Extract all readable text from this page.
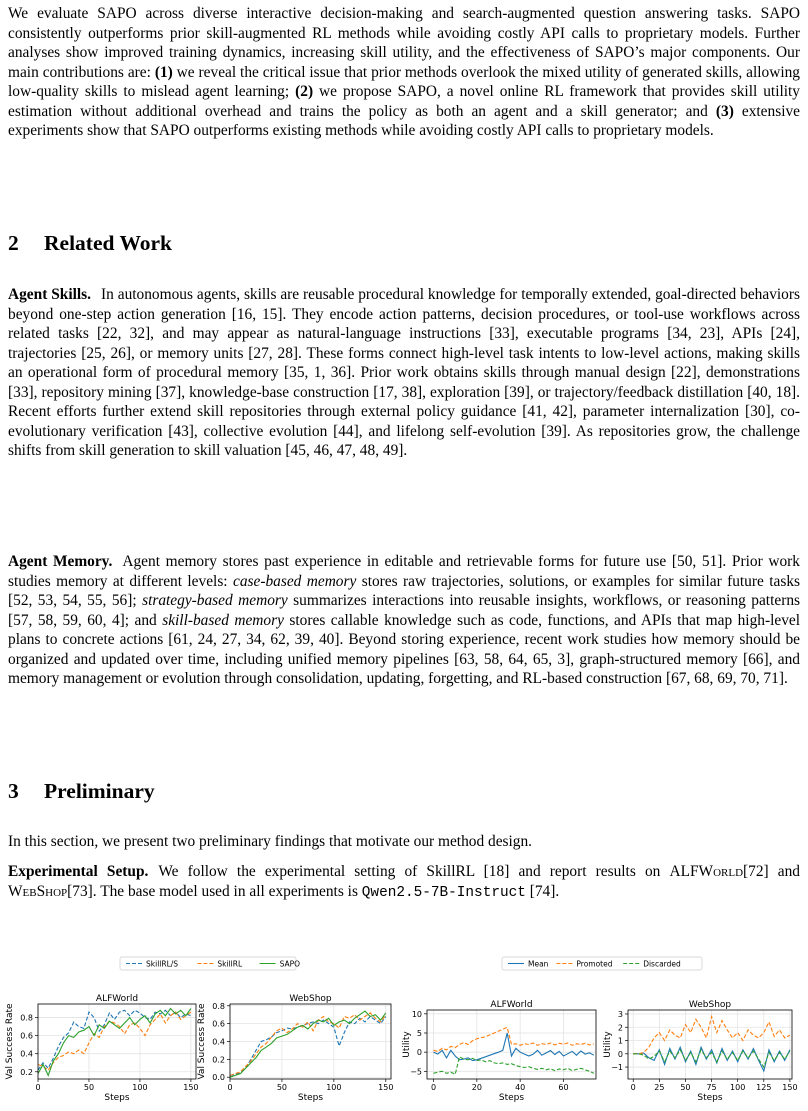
We evaluate SAPO across diverse interactive decision-making and search-augmented question answering tasks. SAPO consistently outperforms prior skill-augmented RL methods while avoiding costly API calls to proprietary models. Further analyses show improved training dynamics, increasing skill utility, and the effectiveness of SAPO’s major components. Our main contributions are: (1) we reveal the critical issue that prior methods overlook the mixed utility of generated skills, allowing low-quality skills to mislead agent learning; (2) we propose SAPO, a novel online RL framework that provides skill utility estimation without additional overhead and trains the policy as both an agent and a skill generator; and (3) extensive experiments show that SAPO outperforms existing methods while avoiding costly API calls to proprietary models.

2 Related Work

Agent Skills. In autonomous agents, skills are reusable procedural knowledge for temporally extended, goal-directed behaviors beyond one-step action generation [16, 15]. They encode action patterns, decision procedures, or tool-use workflows across related tasks [22, 32], and may appear as natural-language instructions [33], executable programs [34, 23], APIs [24], trajectories [25, 26], or memory units [27, 28]. These forms connect high-level task intents to low-level actions, making skills an operational form of procedural memory [35, 1, 36]. Prior work obtains skills through manual design [22], demonstrations [33], repository mining [37], knowledge-base construction [17, 38], exploration [39], or trajectory/feedback distillation [40, 18]. Recent efforts further extend skill repositories through external policy guidance [41, 42], parameter internalization [30], co-evolutionary verification [43], collective evolution [44], and lifelong self-evolution [39]. As repositories grow, the challenge shifts from skill generation to skill valuation [45, 46, 47, 48, 49].

Agent Memory. Agent memory stores past experience in editable and retrievable forms for future use [50, 51]. Prior work studies memory at different levels: case-based memory stores raw trajectories, solutions, or examples for similar future tasks [52, 53, 54, 55, 56]; strategy-based memory summarizes interactions into reusable insights, workflows, or reasoning patterns [57, 58, 59, 60, 4]; and skill-based memory stores callable knowledge such as code, functions, and APIs that map high-level plans to concrete actions [61, 24, 27, 34, 62, 39, 40]. Beyond storing experience, recent work studies how memory should be organized and updated over time, including unified memory pipelines [63, 58, 64, 65, 3], graph-structured memory [66], and memory management or evolution through consolidation, updating, forgetting, and RL-based construction [67, 68, 69, 70, 71].

3 Preliminary

In this section, we present two preliminary findings that motivate our method design.

Experimental Setup. We follow the experimental setting of SkillRL [18] and report results on ALFWorld[72] and WebShop[73]. The base model used in all experiments is Qwen2.5-7B-Instruct [74].

0	50	100	150
0.2
0.4
0.6
0.8
ALFWorld
Steps
Val Success Rate
0	50	100	150
0.0
0.2
0.4
0.6
0.8
WebShop
Steps
Val Success Rate
0	20	40	60
−5
0
5
10
ALFWorld
Steps
Utility
0 25 50 75 100 125 150
−1
0
1
2
3
WebShop
Steps
Utility
SkillRL/S	SkillRL	SAPO	Mean	Promoted	Discarded
